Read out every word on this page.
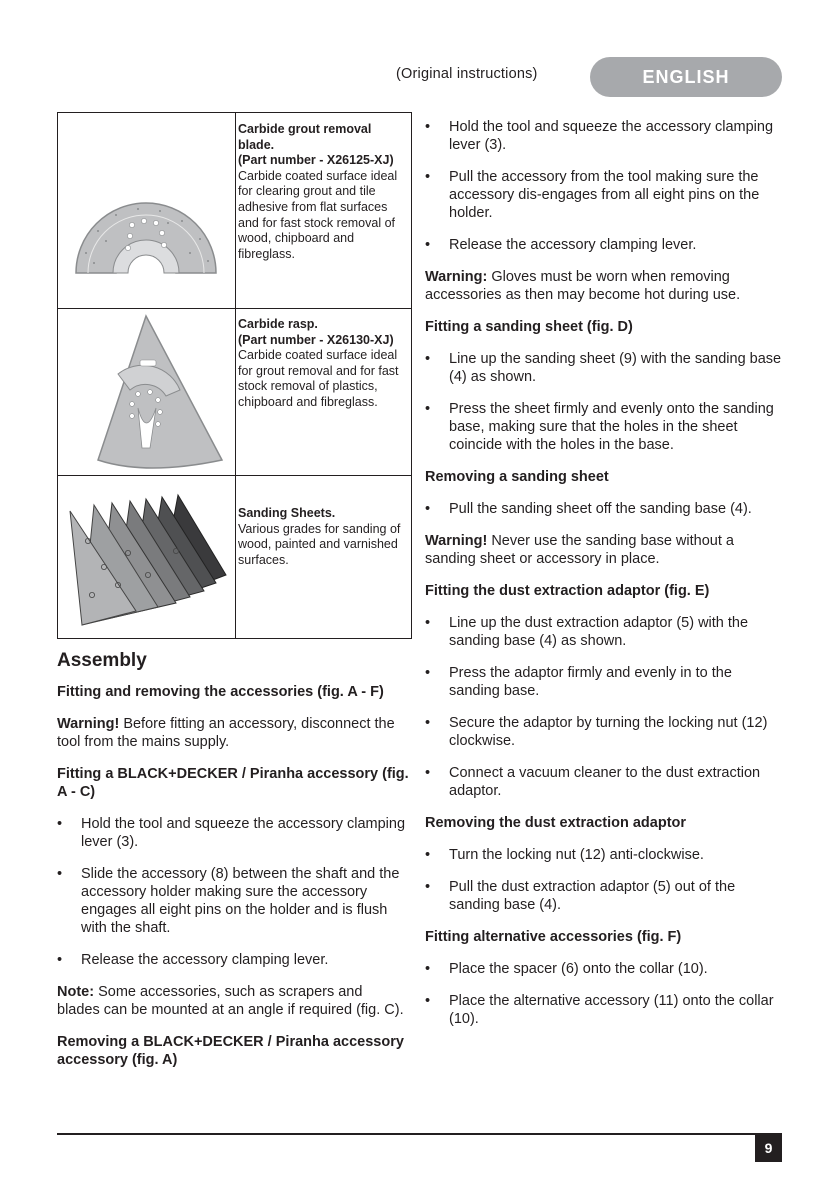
(Original instructions)	ENGLISH
Carbide grout removal blade.
(Part number - X26125-XJ)
Carbide coated surface ideal for clearing grout and tile adhesive from flat surfaces and for fast stock removal of wood, chipboard and fibreglass.
Carbide rasp.
(Part number - X26130-XJ)
Carbide coated surface ideal for grout removal and for fast stock removal of plastics, chipboard and fibreglass.
Sanding Sheets.
Various grades for sanding of wood, painted and varnished surfaces.

Assembly

Fitting and removing the accessories (fig. A - F)

Warning! Before fitting an accessory, disconnect the tool from the mains supply.

Fitting a BLACK+DECKER / Piranha accessory (fig. A - C)

• Hold the tool and squeeze the accessory clamping lever (3).
• Slide the accessory (8) between the shaft and the accessory holder making sure the accessory engages all eight pins on the holder and is flush with the shaft.
• Release the accessory clamping lever.

Note: Some accessories, such as scrapers and blades can be mounted at an angle if required (fig. C).

Removing a BLACK+DECKER / Piranha accessory accessory (fig. A)

• Hold the tool and squeeze the accessory clamping lever (3).
• Pull the accessory from the tool making sure the accessory dis-engages from all eight pins on the holder.
• Release the accessory clamping lever.

Warning: Gloves must be worn when removing accessories as then may become hot during use.

Fitting a sanding sheet (fig. D)

• Line up the sanding sheet (9) with the sanding base (4) as shown.
• Press the sheet firmly and evenly onto the sanding base, making sure that the holes in the sheet coincide with the holes in the base.

Removing a sanding sheet

• Pull the sanding sheet off the sanding base (4).

Warning! Never use the sanding base without a sanding sheet or accessory in place.

Fitting the dust extraction adaptor (fig. E)

• Line up the dust extraction adaptor (5) with the sanding base (4) as shown.
• Press the adaptor firmly and evenly in to the sanding base.
• Secure the adaptor by turning the locking nut (12) clockwise.
• Connect a vacuum cleaner to the dust extraction adaptor.

Removing the dust extraction adaptor

• Turn the locking nut (12) anti-clockwise.
• Pull the dust extraction adaptor (5) out of the sanding base (4).

Fitting alternative accessories (fig. F)

• Place the spacer (6) onto the collar (10).
• Place the alternative accessory (11) onto the collar (10).
9
